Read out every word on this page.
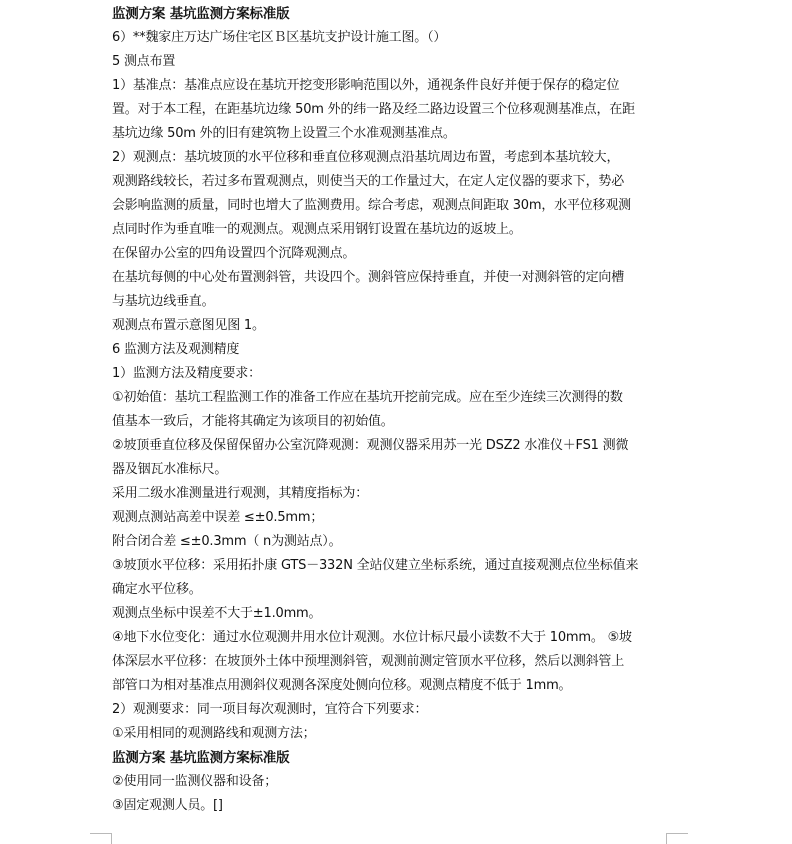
监测方案 基坑监测方案标准版
6）**魏家庄万达广场住宅区Ｂ区基坑支护设计施工图。（）
5 测点布置
1）基准点：基准点应设在基坑开挖变形影响范围以外，通视条件良好并便于保存的稳定位
置。对于本工程，在距基坑边缘 50m 外的纬一路及经二路边设置三个位移观测基准点，在距
基坑边缘 50m 外的旧有建筑物上设置三个水准观测基准点。
2）观测点：基坑坡顶的水平位移和垂直位移观测点沿基坑周边布置，考虑到本基坑较大，
观测路线较长，若过多布置观测点，则使当天的工作量过大，在定人定仪器的要求下，势必
会影响监测的质量，同时也增大了监测费用。综合考虑，观测点间距取 30m，水平位移观测
点同时作为垂直唯一的观测点。观测点采用钢钉设置在基坑边的返坡上。
在保留办公室的四角设置四个沉降观测点。
在基坑每侧的中心处布置测斜管，共设四个。测斜管应保持垂直，并使一对测斜管的定向槽
与基坑边线垂直。
观测点布置示意图见图 1。
6 监测方法及观测精度
1）监测方法及精度要求：
①初始值：基坑工程监测工作的准备工作应在基坑开挖前完成。应在至少连续三次测得的数
值基本一致后，才能将其确定为该项目的初始值。
②坡顶垂直位移及保留保留办公室沉降观测：观测仪器采用苏一光 DSZ2 水准仪＋FS1 测微
器及铟瓦水准标尺。
采用二级水准测量进行观测，其精度指标为：
观测点测站高差中误差 ≤±0.5mm；
附合闭合差 ≤±0.3mm（ n为测站点）。
③坡顶水平位移：采用拓扑康 GTS－332N 全站仪建立坐标系统，通过直接观测点位坐标值来
确定水平位移。
观测点坐标中误差不大于±1.0mm。
④地下水位变化：通过水位观测井用水位计观测。水位计标尺最小读数不大于 10mm。 ⑤坡
体深层水平位移：在坡顶外土体中预埋测斜管，观测前测定管顶水平位移，然后以测斜管上
部管口为相对基准点用测斜仪观测各深度处侧向位移。观测点精度不低于 1mm。
2）观测要求：同一项目每次观测时，宜符合下列要求：
①采用相同的观测路线和观测方法；
监测方案 基坑监测方案标准版
②使用同一监测仪器和设备；
③固定观测人员。[]
